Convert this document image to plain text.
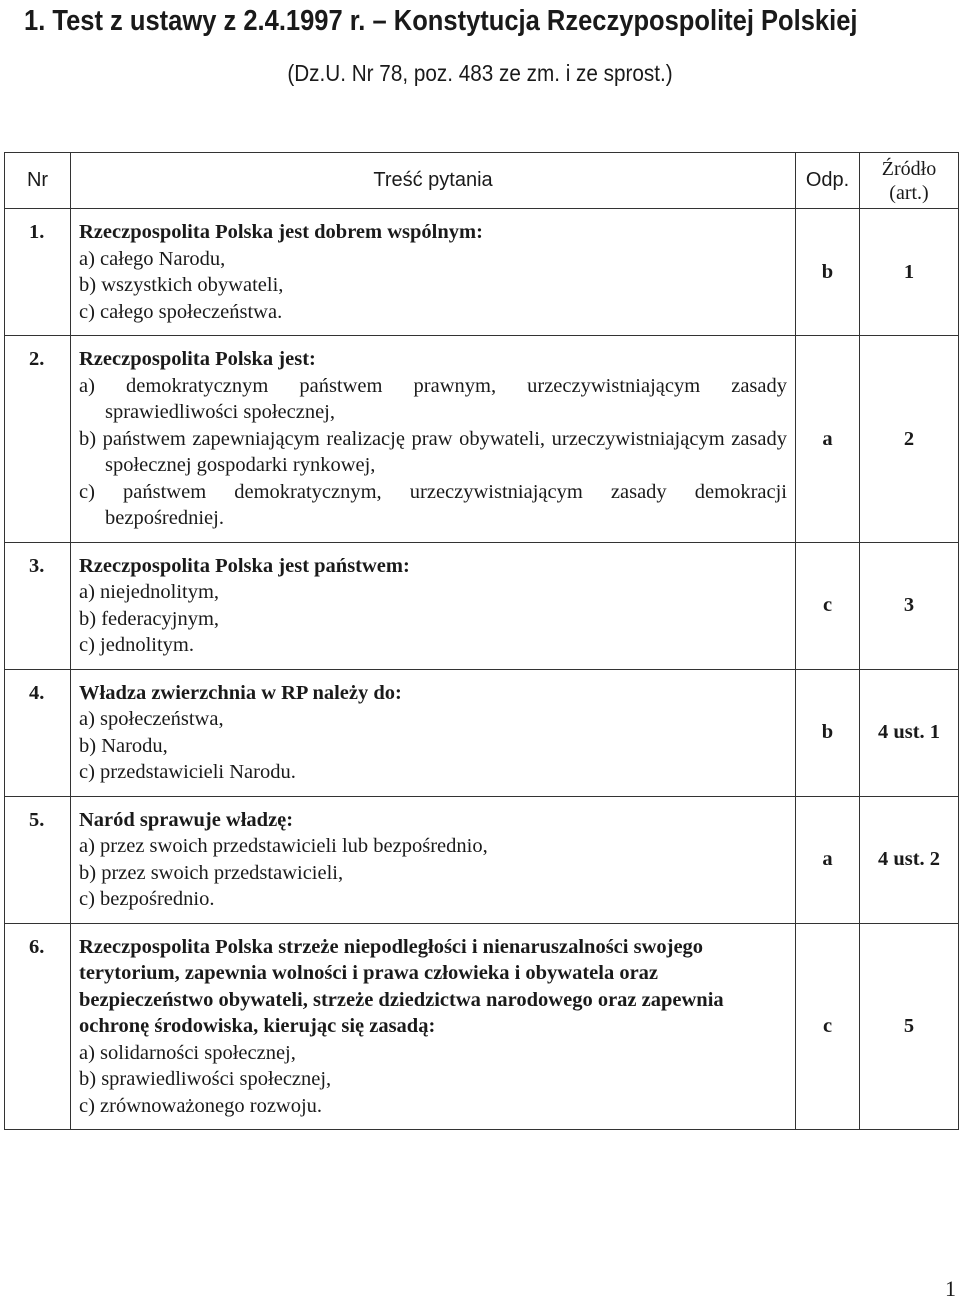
1. Test z ustawy z 2.4.1997 r. – Konstytucja Rzeczypospolitej Polskiej
(Dz.U. Nr 78, poz. 483 ze zm. i ze sprost.)
Nr	Treść pytania	Odp.	Źródło (art.)
1.	Rzeczpospolita Polska jest dobrem wspólnym:
a) całego Narodu,
b) wszystkich obywateli,
c) całego społeczeństwa.	b	1
2.	Rzeczpospolita Polska jest:
a) demokratycznym państwem prawnym, urzeczywistniającym zasady sprawiedliwości społecznej,
b) państwem zapewniającym realizację praw obywateli, urzeczywistniającym zasady społecznej gospodarki rynkowej,
c) państwem demokratycznym, urzeczywistniającym zasady demokracji bezpośredniej.	a	2
3.	Rzeczpospolita Polska jest państwem:
a) niejednolitym,
b) federacyjnym,
c) jednolitym.	c	3
4.	Władza zwierzchnia w RP należy do:
a) społeczeństwa,
b) Narodu,
c) przedstawicieli Narodu.	b	4 ust. 1
5.	Naród sprawuje władzę:
a) przez swoich przedstawicieli lub bezpośrednio,
b) przez swoich przedstawicieli,
c) bezpośrednio.	a	4 ust. 2
6.	Rzeczpospolita Polska strzeże niepodległości i nienaruszalności swojego terytorium, zapewnia wolności i prawa człowieka i obywatela oraz bezpieczeństwo obywateli, strzeże dziedzictwa narodowego oraz zapewnia ochronę środowiska, kierując się zasadą:
a) solidarności społecznej,
b) sprawiedliwości społecznej,
c) zrównoważonego rozwoju.	c	5
1
